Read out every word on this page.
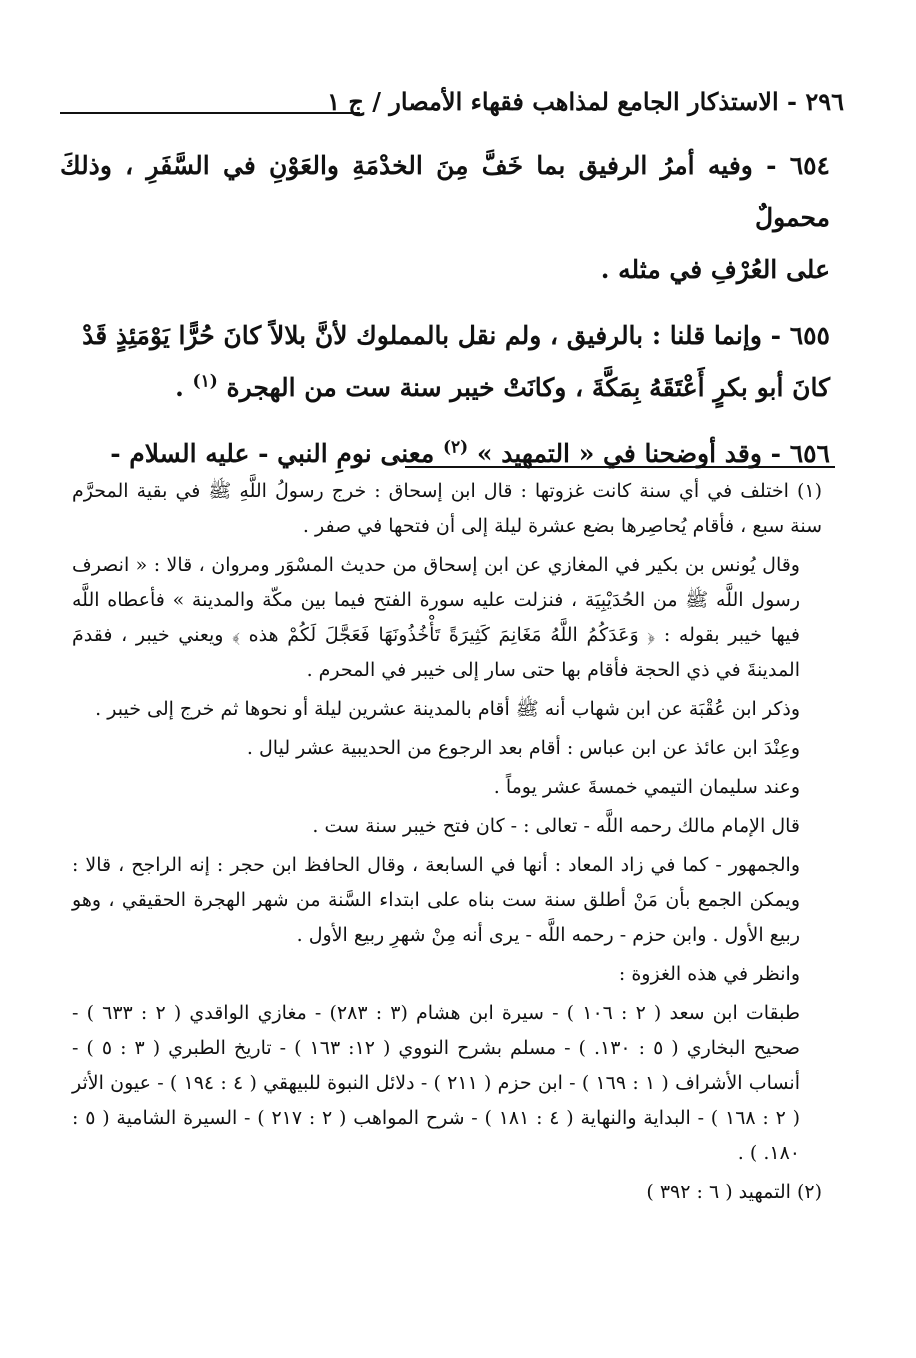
٢٩٦ - الاستذكار الجامع لمذاهب فقهاء الأمصار / ج ١

٦٥٤ - وفيه أمرُ الرفيق بما خَفَّ مِنَ الخدْمَةِ والعَوْنِ في السَّفَرِ ، وذلكَ محمولٌ
على العُرْفِ في مثله .

٦٥٥ - وإنما قلنا : بالرفيق ، ولم نقل بالمملوك لأنَّ بلالاً كانَ حُرًّا يَوْمَئِذٍ قَدْ
كانَ أبو بكرٍ أَعْتَقَهُ بِمَكَّةَ ، وكانَتْ خيبر سنة ست من الهجرة $^{(١)}$ .

٦٥٦ - وقد أوضحنا في « التمهيد » $^{(٢)}$ معنى نومِ النبي - عليه السلام -

(١) اختلف في أي سنة كانت غزوتها : قال ابن إسحاق : خرج رسولُ اللَّهِ ﷺ في بقية المحرَّم سنة سبع ، فأقام يُحاصِرها بضع عشرة ليلة إلى أن فتحها في صفر .

وقال يُونس بن بكير في المغازي عن ابن إسحاق من حديث المسْوَر ومروان ، قالا : « انصرف رسول اللَّه ﷺ من الحُدَيْبِيَة ، فنزلت عليه سورة الفتح فيما بين مكّة والمدينة » فأعطاه اللَّه فيها خيبر بقوله : ﴿ وَعَدَكُمُ اللَّهُ مَغَانِمَ كَثِيرَةً تَأْخُذُونَهَا فَعَجَّلَ لَكُمْ هذه ﴾ ويعني خيبر ، فقدمَ المدينةَ في ذي الحجة فأقام بها حتى سار إلى خيبر في المحرم .

وذكر ابن عُقْبَة عن ابن شهاب أنه ﷺ أقام بالمدينة عشرين ليلة أو نحوها ثم خرج إلى خيبر .

وعِنْدَ ابن عائذ عن ابن عباس : أقام بعد الرجوع من الحديبية عشر ليال .

وعند سليمان التيمي خمسةَ عشر يوماً .

قال الإمام مالك رحمه اللَّه - تعالى : - كان فتح خيبر سنة ست .

والجمهور - كما في زاد المعاد : أنها في السابعة ، وقال الحافظ ابن حجر : إنه الراجح ، قالا : ويمكن الجمع بأن مَنْ أطلق سنة ست بناه على ابتداء السَّنة من شهر الهجرة الحقيقي ، وهو ربيع الأول . وابن حزم - رحمه اللَّه - يرى أنه مِنْ شهرِ ربيع الأول .

وانظر في هذه الغزوة :

طبقات ابن سعد ( ٢ : ١٠٦ ) - سيرة ابن هشام (٣ : ٢٨٣) - مغازي الواقدي ( ٢ : ٦٣٣ ) - صحيح البخاري ( ٥ : ١٣٠. ) - مسلم بشرح النووي ( ١٢: ١٦٣ ) - تاريخ الطبري ( ٣ : ٥ ) - أنساب الأشراف ( ١ : ١٦٩ ) - ابن حزم ( ٢١١ ) - دلائل النبوة للبيهقي ( ٤ : ١٩٤ ) - عيون الأثر ( ٢ : ١٦٨ ) - البداية والنهاية ( ٤ : ١٨١ ) - شرح المواهب ( ٢ : ٢١٧ ) - السيرة الشامية ( ٥ : ١٨٠. ) .

(٢) التمهيد ( ٦ : ٣٩٢ )
